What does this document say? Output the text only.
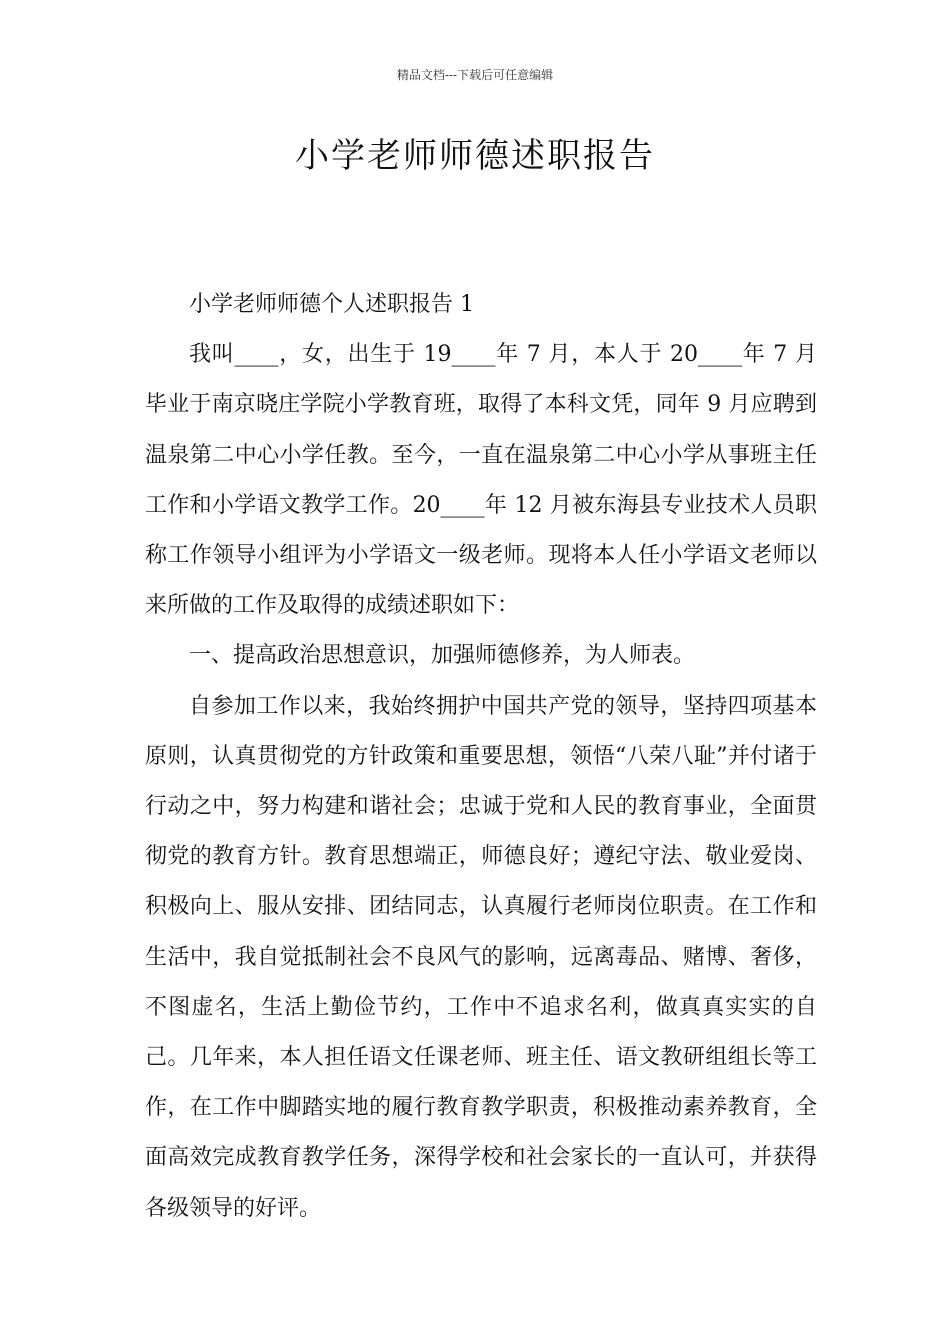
精品文档---下载后可任意编辑
小学老师师德述职报告

小学老师师德个人述职报告 1

我叫____，女，出生于 19____年 7 月，本人于 20____年 7 月毕业于南京晓庄学院小学教育班，取得了本科文凭，同年 9 月应聘到温泉第二中心小学任教。至今，一直在温泉第二中心小学从事班主任工作和小学语文教学工作。20____年 12 月被东海县专业技术人员职称工作领导小组评为小学语文一级老师。现将本人任小学语文老师以来所做的工作及取得的成绩述职如下：

一、提高政治思想意识，加强师德修养，为人师表。

自参加工作以来，我始终拥护中国共产党的领导，坚持四项基本原则，认真贯彻党的方针政策和重要思想，领悟“八荣八耻”并付诸于行动之中，努力构建和谐社会；忠诚于党和人民的教育事业，全面贯彻党的教育方针。教育思想端正，师德良好；遵纪守法、敬业爱岗、积极向上、服从安排、团结同志，认真履行老师岗位职责。在工作和生活中，我自觉抵制社会不良风气的影响，远离毒品、赌博、奢侈，不图虚名，生活上勤俭节约，工作中不追求名利，做真真实实的自己。几年来，本人担任语文任课老师、班主任、语文教研组组长等工作，在工作中脚踏实地的履行教育教学职责，积极推动素养教育，全面高效完成教育教学任务，深得学校和社会家长的一直认可，并获得各级领导的好评。
